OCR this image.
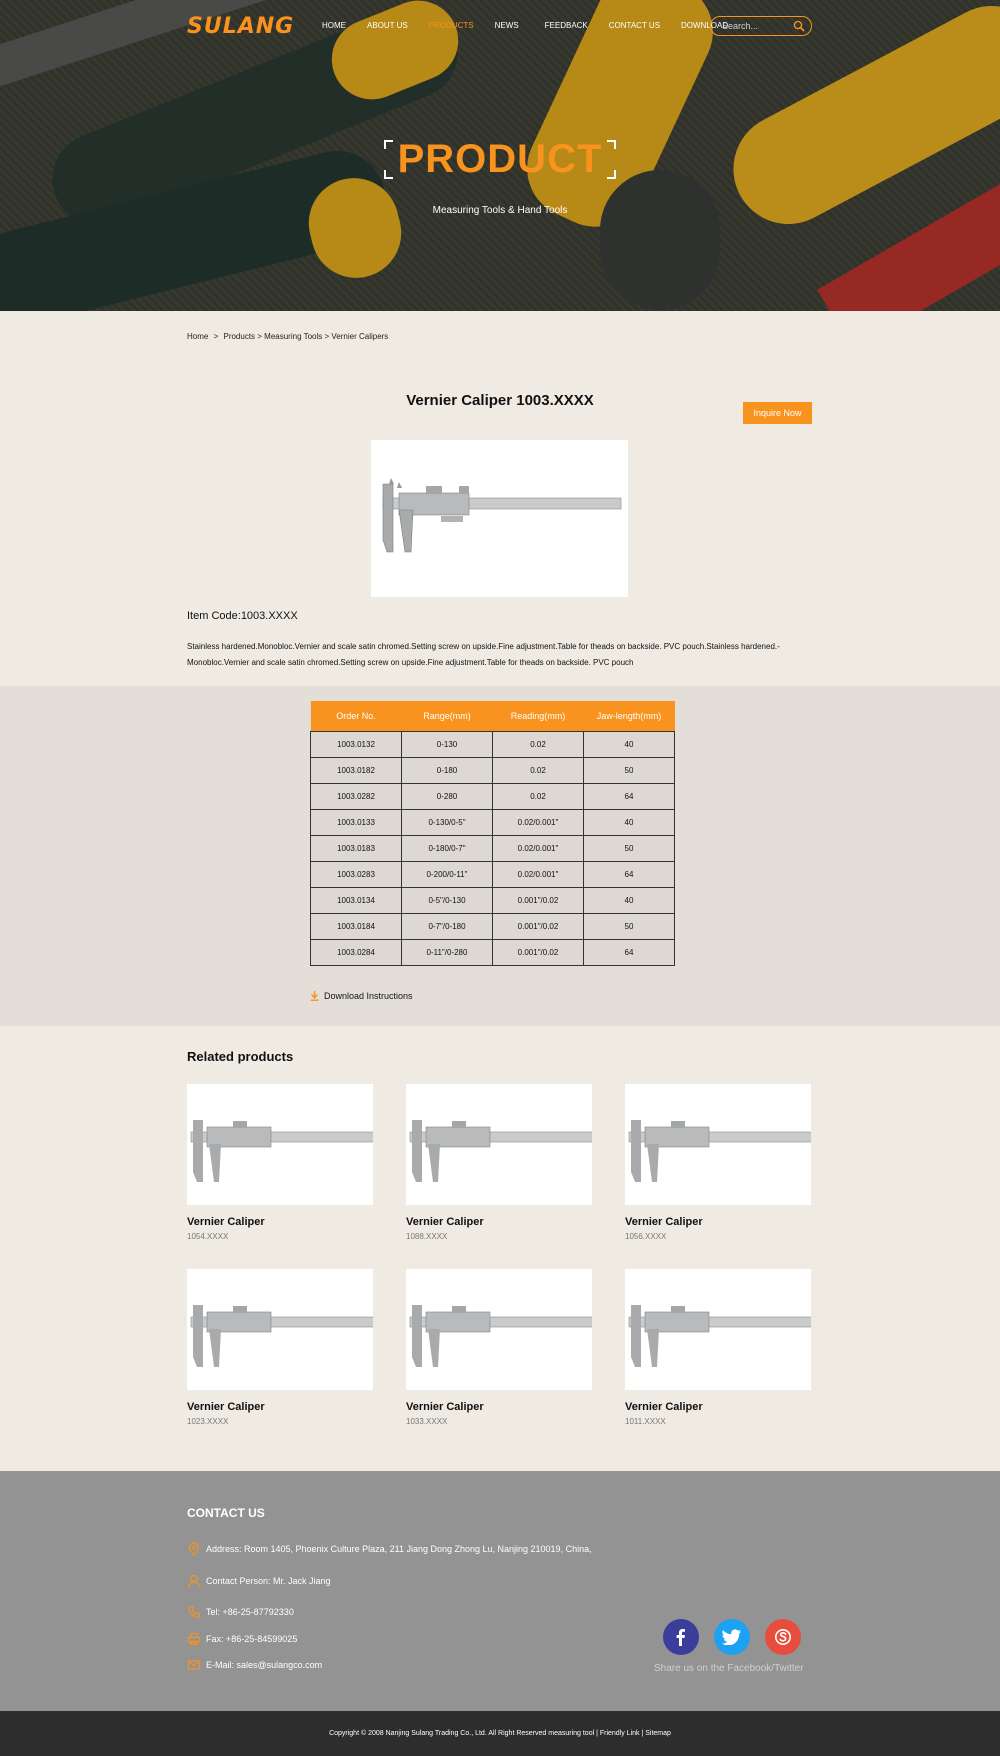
SULANG	HOME	ABOUT US	PRODUCTS	NEWS	FEEDBACK	CONTACT US	DOWNLOAD
Search...
PRODUCT
Measuring Tools & Hand Tools
Home > Products > Measuring Tools > Vernier Calipers
Vernier Caliper 1003.XXXX
Inquire Now
Item Code:1003.XXXX
Stainless hardened.Monobloc.Vernier and scale satin chromed.Setting screw on upside.Fine adjustment.Table for theads on backside. PVC pouch.Stainless hardened.-Monobloc.Vernier and scale satin chromed.Setting screw on upside.Fine adjustment.Table for theads on backside. PVC pouch
Order No.	Range(mm)	Reading(mm)	Jaw-length(mm)
1003.0132	0-130	0.02	40
1003.0182	0-180	0.02	50
1003.0282	0-280	0.02	64
1003.0133	0-130/0-5"	0.02/0.001"	40
1003.0183	0-180/0-7"	0.02/0.001"	50
1003.0283	0-200/0-11"	0.02/0.001"	64
1003.0134	0-5"/0-130	0.001"/0.02	40
1003.0184	0-7"/0-180	0.001"/0.02	50
1003.0284	0-11"/0-280	0.001"/0.02	64
Download Instructions
Related products
Vernier Caliper
1054.XXXX
Vernier Caliper
1088.XXXX
Vernier Caliper
1056.XXXX
Vernier Caliper
1023.XXXX
Vernier Caliper
1033.XXXX
Vernier Caliper
1011.XXXX
CONTACT US
Address: Room 1405, Phoenix Culture Plaza, 211 Jiang Dong Zhong Lu, Nanjing 210019, China,
Contact Person: Mr. Jack Jiang
Tel: +86-25-87792330
Fax: +86-25-84599025
E-Mail: sales@sulangco.com	Share us on the Facebook/Twitter
Copyright © 2008 Nanjing Sulang Trading Co., Ltd. All Right Reserved measuring tool | Friendly Link | Sitemap
